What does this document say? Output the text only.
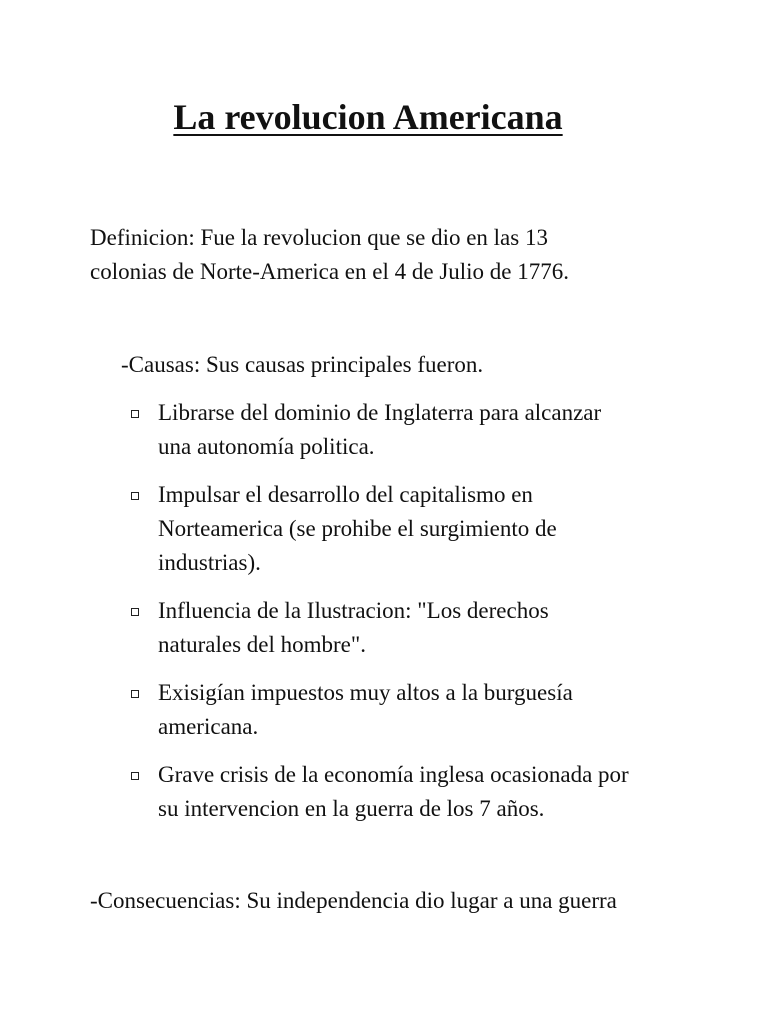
La revolucion Americana

Definicion: Fue la revolucion que se dio en las 13
colonias de Norte-America en el 4 de Julio de 1776.

-Causas: Sus causas principales fueron.

Librarse del dominio de Inglaterra para alcanzar
una autonomía politica.
Impulsar el desarrollo del capitalismo en
Norteamerica (se prohibe el surgimiento de
industrias).
Influencia de la Ilustracion: "Los derechos
naturales del hombre".
Exisigían impuestos muy altos a la burguesía
americana.
Grave crisis de la economía inglesa ocasionada por
su intervencion en la guerra de los 7 años.

-Consecuencias: Su independencia dio lugar a una guerra
